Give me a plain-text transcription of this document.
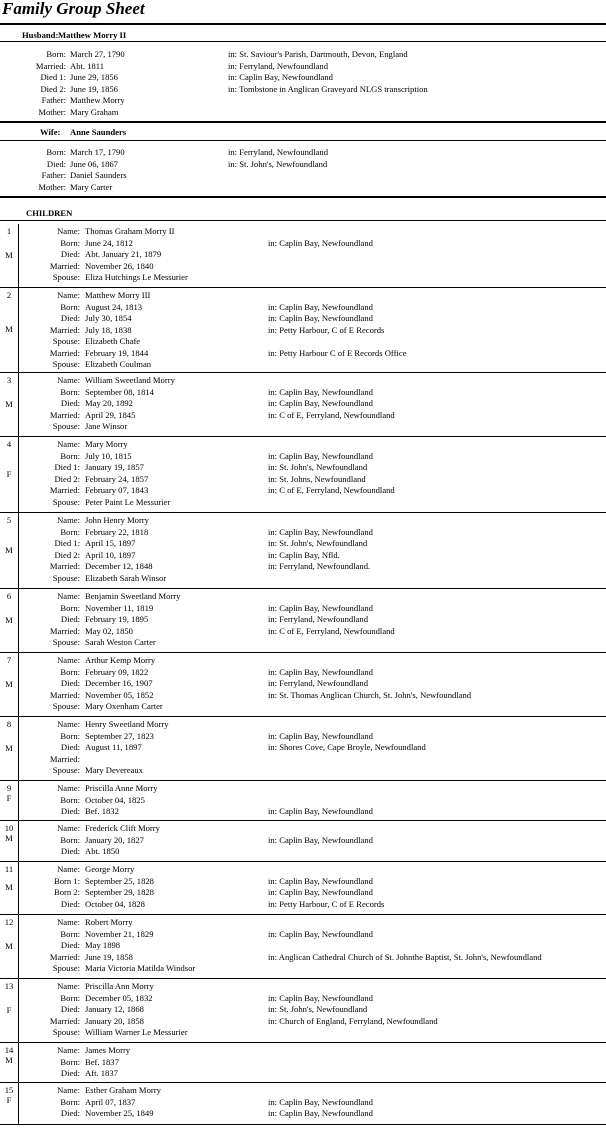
Family Group Sheet
Husband: Matthew Morry II
Born: March 27, 1790	in: St. Saviour's Parish, Dartmouth, Devon, England
Married: Abt. 1811	in: Ferryland, Newfoundland
Died 1: June 29, 1856	in: Caplin Bay, Newfoundland
Died 2: June 19, 1856	in: Tombstone in Anglican Graveyard NLGS transcription
Father: Matthew Morry
Mother: Mary Graham
Wife: Anne Saunders
Born: March 17, 1790	in: Ferryland, Newfoundland
Died: June 06, 1867	in: St. John's, Newfoundland
Father: Daniel Saunders
Mother: Mary Carter
CHILDREN
1
M
Name: Thomas Graham Morry II
Born: June 24, 1812	in: Caplin Bay, Newfoundland
Died: Abt. January 21, 1879
Married: November 26, 1840
Spouse: Eliza Hutchings Le Messurier
2
M
Name: Matthew Morry III
Born: August 24, 1813	in: Caplin Bay, Newfoundland
Died: July 30, 1854	in: Caplin Bay, Newfoundland
Married: July 18, 1838	in: Petty Harbour, C of E Records
Spouse: Elizabeth Chafe
Married: February 19, 1844	in: Petty Harbour C of E Records Office
Spouse: Elizabeth Coulman
3
M
Name: William Sweetland Morry
Born: September 08, 1814	in: Caplin Bay, Newfoundland
Died: May 20, 1892	in: Caplin Bay, Newfoundland
Married: April 29, 1845	in: C of E, Ferryland, Newfoundland
Spouse: Jane Winsor
4
F
Name: Mary Morry
Born: July 10, 1815	in: Caplin Bay, Newfoundland
Died 1: January 19, 1857	in: St. John's, Newfoundland
Died 2: February 24, 1857	in: St. Johns, Newfoundland
Married: February 07, 1843	in: C of E, Ferryland, Newfoundland
Spouse: Peter Paint Le Messurier
5
M
Name: John Henry Morry
Born: February 22, 1818	in: Caplin Bay, Newfoundland
Died 1: April 15, 1897	in: St. John's, Newfoundland
Died 2: April 10, 1897	in: Caplin Bay, Nfld.
Married: December 12, 1848	in: Ferryland, Newfoundland.
Spouse: Elizabeth Sarah Winsor
6
M
Name: Benjamin Sweetland Morry
Born: November 11, 1819	in: Caplin Bay, Newfoundland
Died: February 19, 1895	in: Ferryland, Newfoundland
Married: May 02, 1850	in: C of E, Ferryland, Newfoundland
Spouse: Sarah Weston Carter
7
M
Name: Arthur Kemp Morry
Born: February 09, 1822	in: Caplin Bay, Newfoundland
Died: December 16, 1907	in: Ferryland, Newfoundland
Married: November 05, 1852	in: St. Thomas Anglican Church, St. John's, Newfoundland
Spouse: Mary Oxenham Carter
8
M
Name: Henry Sweetland Morry
Born: September 27, 1823	in: Caplin Bay, Newfoundland
Died: August 11, 1897	in: Shores Cove, Cape Broyle, Newfoundland
Married:
Spouse: Mary Devereaux
9
F
Name: Priscilla Anne Morry
Born: October 04, 1825
Died: Bef. 1832	in: Caplin Bay, Newfoundland
10
M
Name: Frederick Clift Morry
Born: January 20, 1827	in: Caplin Bay, Newfoundland
Died: Abt. 1850
11
M
Name: George Morry
Born 1: September 25, 1828	in: Caplin Bay, Newfoundland
Born 2: September 29, 1828	in: Caplin Bay, Newfoundland
Died: October 04, 1828	in: Petty Harbour, C of E Records
12
M
Name: Robert Morry
Born: November 21, 1829	in: Caplin Bay, Newfoundland
Died: May 1898
Married: June 19, 1858	in: Anglican Cathedral Church of St. Johnthe Baptist, St. John's, Newfoundland
Spouse: Maria Victoria Matilda Windsor
13
F
Name: Priscilla Ann Morry
Born: December 05, 1832	in: Caplin Bay, Newfoundland
Died: January 12, 1868	in: St. John's, Newfoundland
Married: January 20, 1858	in: Church of England, Ferryland, Newfoundland
Spouse: William Warner Le Messurier
14
M
Name: James Morry
Born: Bef. 1837
Died: Aft. 1837
15
F
Name: Esther Graham Morry
Born: April 07, 1837	in: Caplin Bay, Newfoundland
Died: November 25, 1849	in: Caplin Bay, Newfoundland
